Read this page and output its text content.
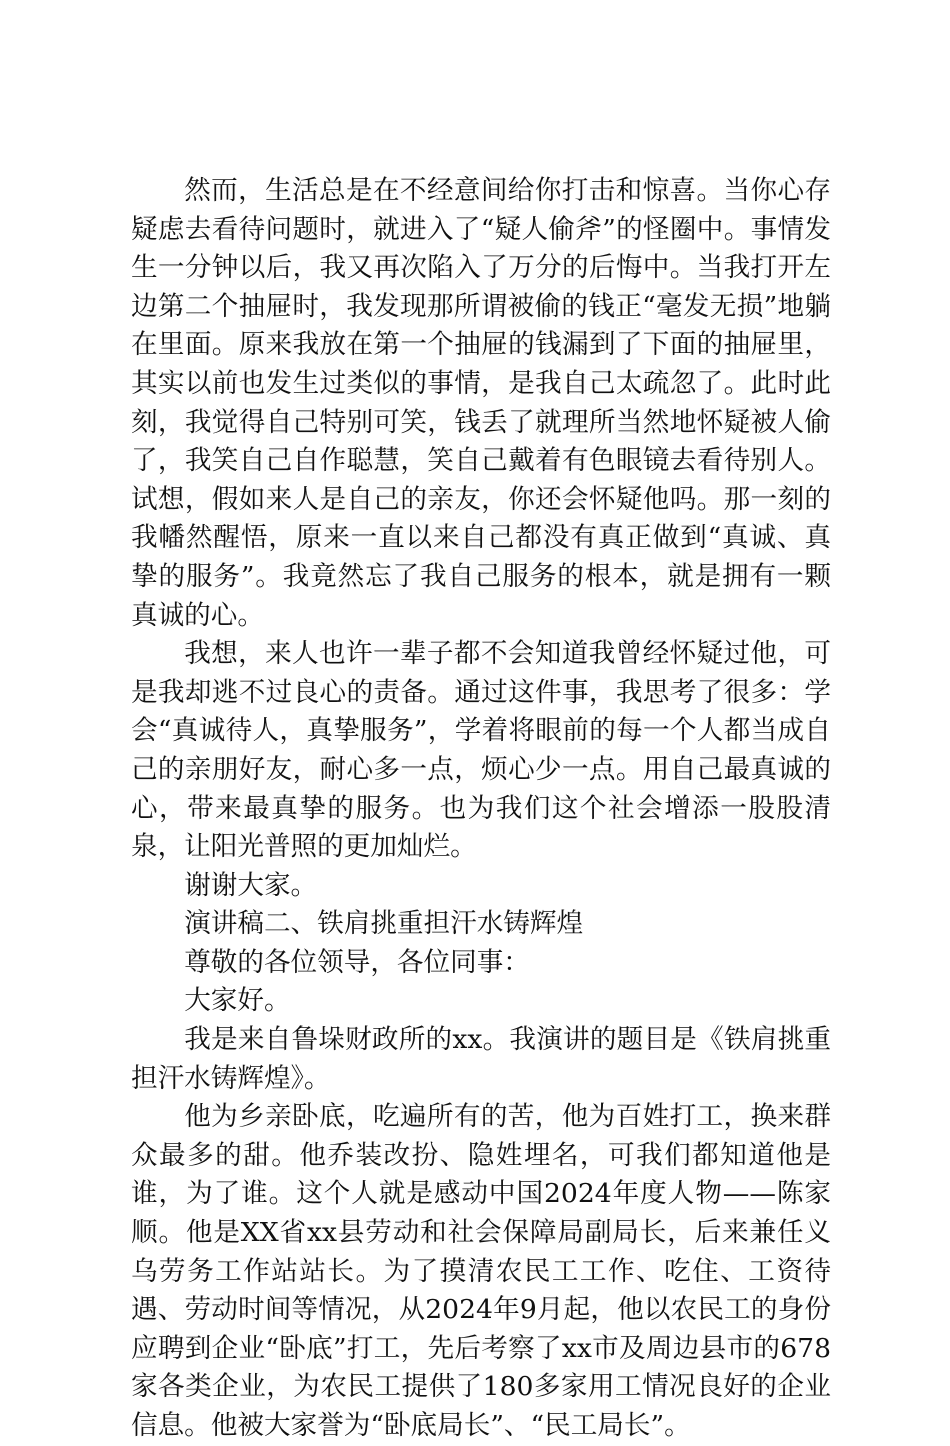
然而，生活总是在不经意间给你打击和惊喜。当你心存疑虑去看待问题时，就进入了“疑人偷斧”的怪圈中。事情发生一分钟以后，我又再次陷入了万分的后悔中。当我打开左边第二个抽屉时，我发现那所谓被偷的钱正“毫发无损”地躺在里面。原来我放在第一个抽屉的钱漏到了下面的抽屉里，其实以前也发生过类似的事情，是我自己太疏忽了。此时此刻，我觉得自己特别可笑，钱丢了就理所当然地怀疑被人偷了，我笑自己自作聪慧，笑自己戴着有色眼镜去看待别人。试想，假如来人是自己的亲友，你还会怀疑他吗。那一刻的我幡然醒悟，原来一直以来自己都没有真正做到“真诚、真挚的服务”。我竟然忘了我自己服务的根本，就是拥有一颗真诚的心。

我想，来人也许一辈子都不会知道我曾经怀疑过他，可是我却逃不过良心的责备。通过这件事，我思考了很多：学会“真诚待人，真挚服务”，学着将眼前的每一个人都当成自己的亲朋好友，耐心多一点，烦心少一点。用自己最真诚的心，带来最真挚的服务。也为我们这个社会增添一股股清泉，让阳光普照的更加灿烂。

谢谢大家。

演讲稿二、铁肩挑重担汗水铸辉煌

尊敬的各位领导，各位同事：

大家好。

我是来自鲁垛财政所的xx。我演讲的题目是《铁肩挑重担汗水铸辉煌》。

他为乡亲卧底，吃遍所有的苦，他为百姓打工，换来群众最多的甜。他乔装改扮、隐姓埋名，可我们都知道他是谁，为了谁。这个人就是感动中国2024年度人物——陈家顺。他是XX省xx县劳动和社会保障局副局长，后来兼任义乌劳务工作站站长。为了摸清农民工工作、吃住、工资待遇、劳动时间等情况，从2024年9月起，他以农民工的身份应聘到企业“卧底”打工，先后考察了xx市及周边县市的678家各类企业，为农民工提供了180多家用工情况良好的企业信息。他被大家誉为“卧底局长”、“民工局长”。
